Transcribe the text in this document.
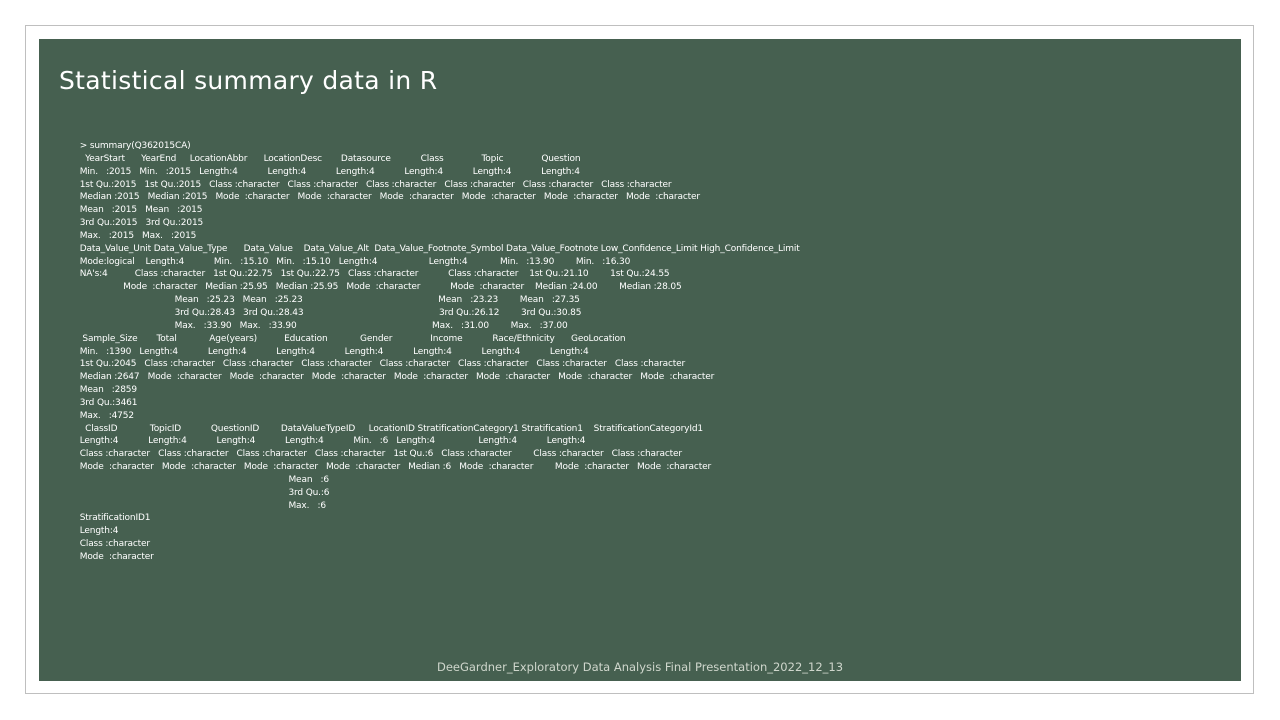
Statistical summary data in R
> summary(Q362015CA)
YearStart      YearEnd     LocationAbbr      LocationDesc       Datasource           Class              Topic              Question
Min.   :2015   Min.   :2015   Length:4           Length:4           Length:4           Length:4           Length:4           Length:4
1st Qu.:2015   1st Qu.:2015   Class :character   Class :character   Class :character   Class :character   Class :character   Class :character
Median :2015   Median :2015   Mode  :character   Mode  :character   Mode  :character   Mode  :character   Mode  :character   Mode  :character
Mean   :2015   Mean   :2015
3rd Qu.:2015   3rd Qu.:2015
Max.   :2015   Max.   :2015
Data_Value_Unit Data_Value_Type      Data_Value    Data_Value_Alt  Data_Value_Footnote_Symbol Data_Value_Footnote Low_Confidence_Limit High_Confidence_Limit
Mode:logical    Length:4           Min.   :15.10   Min.   :15.10   Length:4                   Length:4            Min.   :13.90        Min.   :16.30
NA's:4          Class :character   1st Qu.:22.75   1st Qu.:22.75   Class :character           Class :character    1st Qu.:21.10        1st Qu.:24.55
Mode  :character   Median :25.95   Median :25.95   Mode  :character           Mode  :character    Median :24.00        Median :28.05
Mean   :25.23   Mean   :25.23                                                  Mean   :23.23        Mean   :27.35
3rd Qu.:28.43   3rd Qu.:28.43                                                  3rd Qu.:26.12        3rd Qu.:30.85
Max.   :33.90   Max.   :33.90                                                  Max.   :31.00        Max.   :37.00
Sample_Size       Total            Age(years)          Education            Gender              Income           Race/Ethnicity      GeoLocation
Min.   :1390   Length:4           Length:4           Length:4           Length:4           Length:4           Length:4           Length:4
1st Qu.:2045   Class :character   Class :character   Class :character   Class :character   Class :character   Class :character   Class :character
Median :2647   Mode  :character   Mode  :character   Mode  :character   Mode  :character   Mode  :character   Mode  :character   Mode  :character
Mean   :2859
3rd Qu.:3461
Max.   :4752
ClassID            TopicID           QuestionID        DataValueTypeID     LocationID StratificationCategory1 Stratification1    StratificationCategoryId1
Length:4           Length:4           Length:4           Length:4           Min.   :6   Length:4                Length:4           Length:4
Class :character   Class :character   Class :character   Class :character   1st Qu.:6   Class :character        Class :character   Class :character
Mode  :character   Mode  :character   Mode  :character   Mode  :character   Median :6   Mode  :character        Mode  :character   Mode  :character
Mean   :6
3rd Qu.:6
Max.   :6
StratificationID1
Length:4
Class :character
Mode  :character
DeeGardner_Exploratory Data Analysis Final Presentation_2022_12_13
